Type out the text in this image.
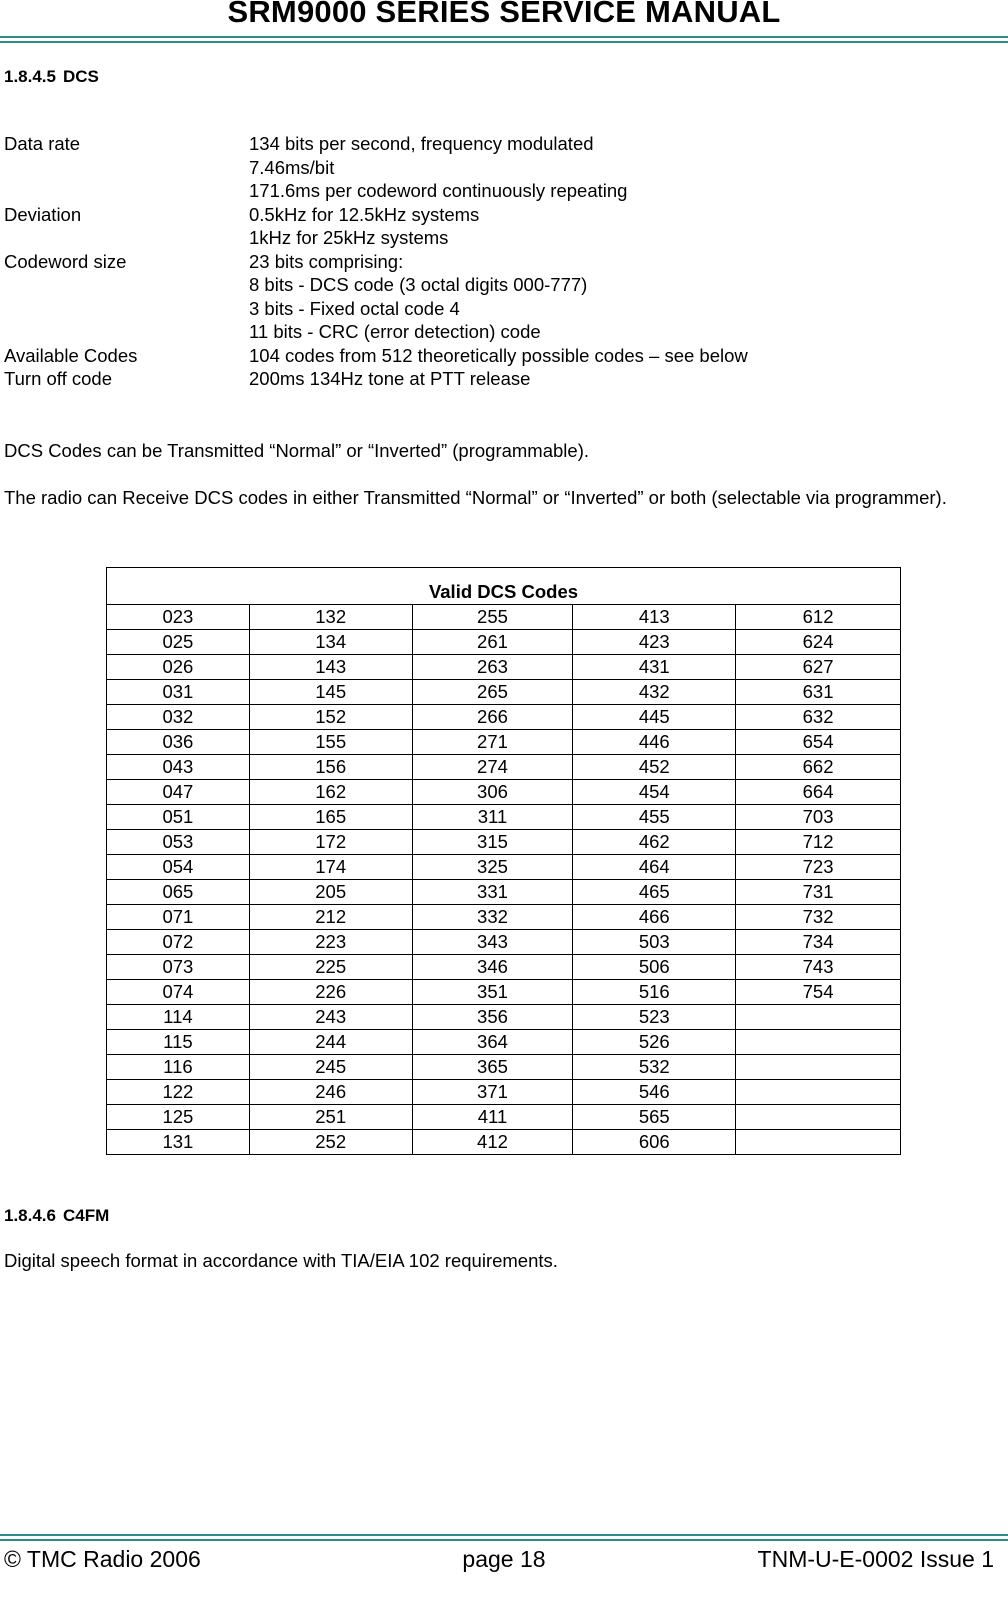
SRM9000 SERIES SERVICE MANUAL
1.8.4.5 DCS
Data rate	134 bits per second, frequency modulated
7.46ms/bit
171.6ms per codeword continuously repeating
Deviation	0.5kHz for 12.5kHz systems
1kHz for 25kHz systems
Codeword size	23 bits comprising:
8 bits - DCS code (3 octal digits 000-777)
3 bits - Fixed octal code 4
11 bits - CRC (error detection) code
Available Codes	104 codes from 512 theoretically possible codes – see below
Turn off code	200ms 134Hz tone at PTT release
DCS Codes can be Transmitted “Normal” or “Inverted” (programmable).
The radio can Receive DCS codes in either Transmitted “Normal” or “Inverted” or both (selectable via programmer).
Valid DCS Codes				
023	132	255	413	612
025	134	261	423	624
026	143	263	431	627
031	145	265	432	631
032	152	266	445	632
036	155	271	446	654
043	156	274	452	662
047	162	306	454	664
051	165	311	455	703
053	172	315	462	712
054	174	325	464	723
065	205	331	465	731
071	212	332	466	732
072	223	343	503	734
073	225	346	506	743
074	226	351	516	754
114	243	356	523	
115	244	364	526	
116	245	365	532	
122	246	371	546	
125	251	411	565	
131	252	412	606	
1.8.4.6 C4FM
Digital speech format in accordance with TIA/EIA 102 requirements.
© TMC Radio 2006	page 18	TNM-U-E-0002 Issue 1
